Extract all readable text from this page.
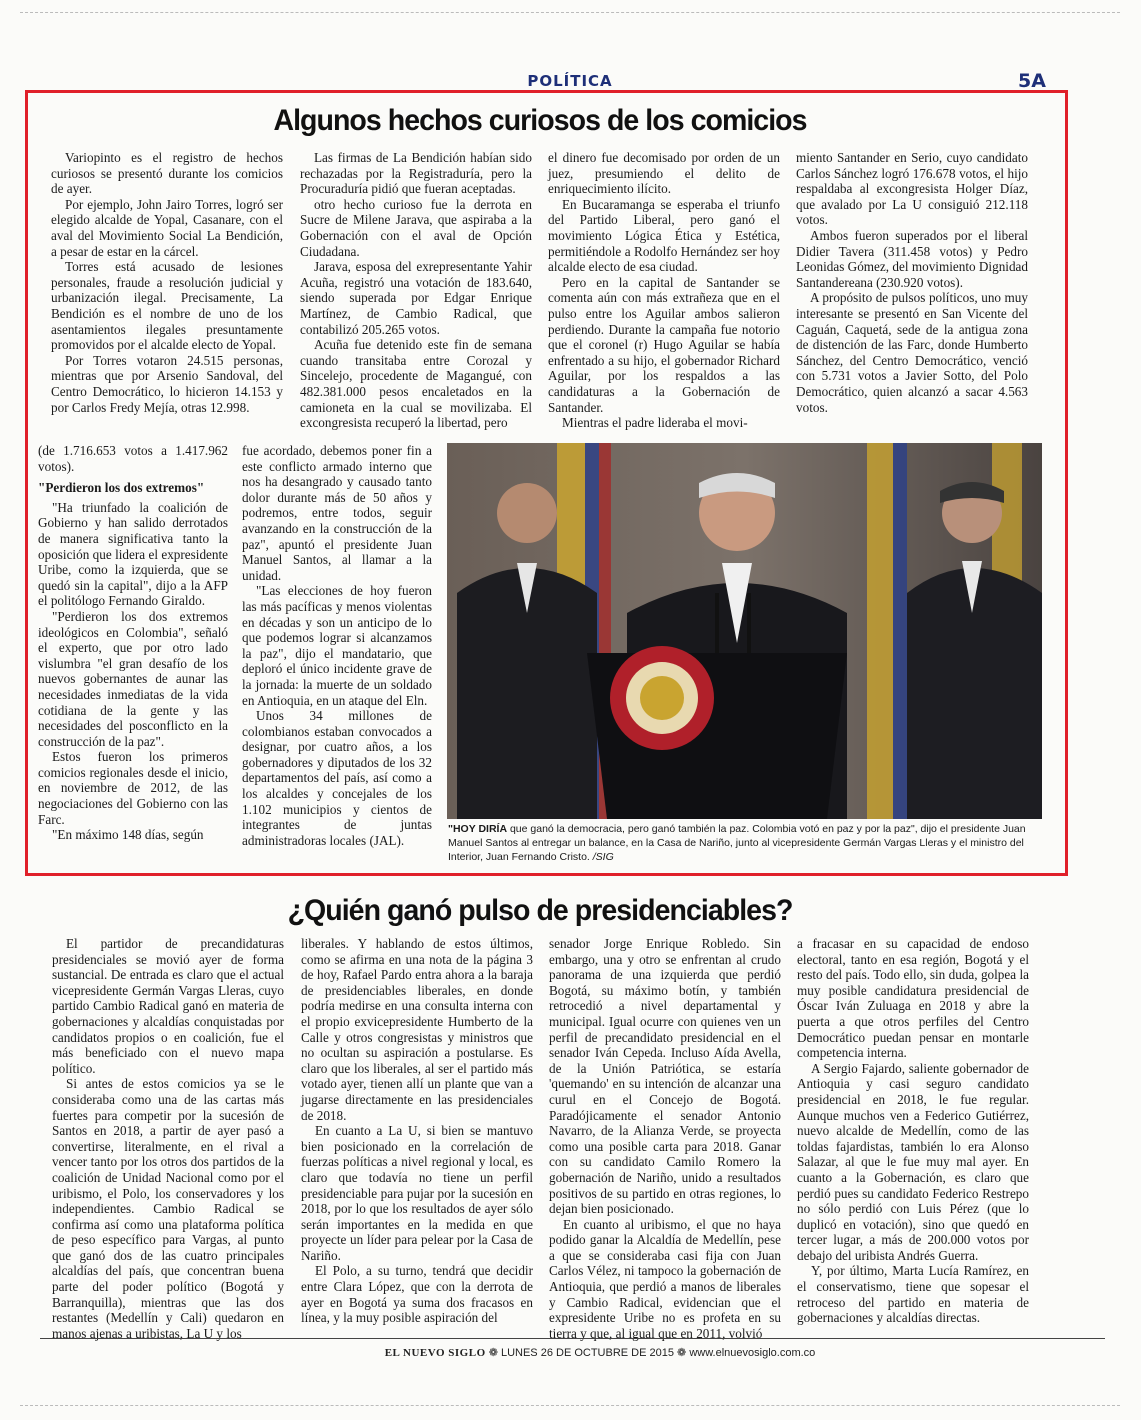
POLÍTICA	5A
Algunos hechos curiosos de los comicios

Variopinto es el registro de hechos curiosos se presentó durante los comicios de ayer.

Por ejemplo, John Jairo Torres, logró ser elegido alcalde de Yopal, Casanare, con el aval del Movimiento Social La Bendición, a pesar de estar en la cárcel.

Torres está acusado de lesiones personales, fraude a resolución judicial y urbanización ilegal. Precisamente, La Bendición es el nombre de uno de los asentamientos ilegales presuntamente promovidos por el alcalde electo de Yopal.

Por Torres votaron 24.515 personas, mientras que por Arsenio Sandoval, del Centro Democrático, lo hicieron 14.153 y por Carlos Fredy Mejía, otras 12.998.

Las firmas de La Bendición habían sido rechazadas por la Registraduría, pero la Procuraduría pidió que fueran aceptadas.

otro hecho curioso fue la derrota en Sucre de Milene Jarava, que aspiraba a la Gobernación con el aval de Opción Ciudadana.

Jarava, esposa del exrepresentante Yahir Acuña, registró una votación de 183.640, siendo superada por Edgar Enrique Martínez, de Cambio Radical, que contabilizó 205.265 votos.

Acuña fue detenido este fin de semana cuando transitaba entre Corozal y Sincelejo, procedente de Magangué, con 482.381.000 pesos encaletados en la camioneta en la cual se movilizaba. El excongresista recuperó la libertad, pero

el dinero fue decomisado por orden de un juez, presumiendo el delito de enriquecimiento ilícito.

En Bucaramanga se esperaba el triunfo del Partido Liberal, pero ganó el movimiento Lógica Ética y Estética, permitiéndole a Rodolfo Hernández ser hoy alcalde electo de esa ciudad.

Pero en la capital de Santander se comenta aún con más extrañeza que en el pulso entre los Aguilar ambos salieron perdiendo. Durante la campaña fue notorio que el coronel (r) Hugo Aguilar se había enfrentado a su hijo, el gobernador Richard Aguilar, por los respaldos a las candidaturas a la Gobernación de Santander.

Mientras el padre lideraba el movi-

miento Santander en Serio, cuyo candidato Carlos Sánchez logró 176.678 votos, el hijo respaldaba al excongresista Holger Díaz, que avalado por La U consiguió 212.118 votos.

Ambos fueron superados por el liberal Didier Tavera (311.458 votos) y Pedro Leonidas Gómez, del movimiento Dignidad Santandereana (230.920 votos).

A propósito de pulsos políticos, uno muy interesante se presentó en San Vicente del Caguán, Caquetá, sede de la antigua zona de distención de las Farc, donde Humberto Sánchez, del Centro Democrático, venció con 5.731 votos a Javier Sotto, del Polo Democrático, quien alcanzó a sacar 4.563 votos.

(de 1.716.653 votos a 1.417.962 votos).

"Perdieron los dos extremos"

"Ha triunfado la coalición de Gobierno y han salido derrotados de manera significativa tanto la oposición que lidera el expresidente Uribe, como la izquierda, que se quedó sin la capital", dijo a la AFP el politólogo Fernando Giraldo.

"Perdieron los dos extremos ideológicos en Colombia", señaló el experto, que por otro lado vislumbra "el gran desafío de los nuevos gobernantes de aunar las necesidades inmediatas de la vida cotidiana de la gente y las necesidades del posconflicto en la construcción de la paz".

Estos fueron los primeros comicios regionales desde el inicio, en noviembre de 2012, de las negociaciones del Gobierno con las Farc.

"En máximo 148 días, según

fue acordado, debemos poner fin a este conflicto armado interno que nos ha desangrado y causado tanto dolor durante más de 50 años y podremos, entre todos, seguir avanzando en la construcción de la paz", apuntó el presidente Juan Manuel Santos, al llamar a la unidad.

"Las elecciones de hoy fueron las más pacíficas y menos violentas en décadas y son un anticipo de lo que podemos lograr si alcanzamos la paz", dijo el mandatario, que deploró el único incidente grave de la jornada: la muerte de un soldado en Antioquia, en un ataque del Eln.

Unos 34 millones de colombianos estaban convocados a designar, por cuatro años, a los gobernadores y diputados de los 32 departamentos del país, así como a los alcaldes y concejales de los 1.102 municipios y cientos de integrantes de juntas administradoras locales (JAL).

"HOY DIRÍA que ganó la democracia, pero ganó también la paz. Colombia votó en paz y por la paz", dijo el presidente Juan Manuel Santos al entregar un balance, en la Casa de Nariño, junto al vicepresidente Germán Vargas Lleras y el ministro del Interior, Juan Fernando Cristo. /SIG
¿Quién ganó pulso de presidenciables?

El partidor de precandidaturas presidenciales se movió ayer de forma sustancial. De entrada es claro que el actual vicepresidente Germán Vargas Lleras, cuyo partido Cambio Radical ganó en materia de gobernaciones y alcaldías conquistadas por candidatos propios o en coalición, fue el más beneficiado con el nuevo mapa político.

Si antes de estos comicios ya se le consideraba como una de las cartas más fuertes para competir por la sucesión de Santos en 2018, a partir de ayer pasó a convertirse, literalmente, en el rival a vencer tanto por los otros dos partidos de la coalición de Unidad Nacional como por el uribismo, el Polo, los conservadores y los independientes. Cambio Radical se confirma así como una plataforma política de peso específico para Vargas, al punto que ganó dos de las cuatro principales alcaldías del país, que concentran buena parte del poder político (Bogotá y Barranquilla), mientras que las dos restantes (Medellín y Cali) quedaron en manos ajenas a uribistas, La U y los

liberales. Y hablando de estos últimos, como se afirma en una nota de la página 3 de hoy, Rafael Pardo entra ahora a la baraja de presidenciables liberales, en donde podría medirse en una consulta interna con el propio exvicepresidente Humberto de la Calle y otros congresistas y ministros que no ocultan su aspiración a postularse. Es claro que los liberales, al ser el partido más votado ayer, tienen allí un plante que van a jugarse directamente en las presidenciales de 2018.

En cuanto a La U, si bien se mantuvo bien posicionado en la correlación de fuerzas políticas a nivel regional y local, es claro que todavía no tiene un perfil presidenciable para pujar por la sucesión en 2018, por lo que los resultados de ayer sólo serán importantes en la medida en que proyecte un líder para pelear por la Casa de Nariño.

El Polo, a su turno, tendrá que decidir entre Clara López, que con la derrota de ayer en Bogotá ya suma dos fracasos en línea, y la muy posible aspiración del

senador Jorge Enrique Robledo. Sin embargo, una y otro se enfrentan al crudo panorama de una izquierda que perdió Bogotá, su máximo botín, y también retrocedió a nivel departamental y municipal. Igual ocurre con quienes ven un perfil de precandidato presidencial en el senador Iván Cepeda. Incluso Aída Avella, de la Unión Patriótica, se estaría 'quemando' en su intención de alcanzar una curul en el Concejo de Bogotá. Paradójicamente el senador Antonio Navarro, de la Alianza Verde, se proyecta como una posible carta para 2018. Ganar con su candidato Camilo Romero la gobernación de Nariño, unido a resultados positivos de su partido en otras regiones, lo dejan bien posicionado.

En cuanto al uribismo, el que no haya podido ganar la Alcaldía de Medellín, pese a que se consideraba casi fija con Juan Carlos Vélez, ni tampoco la gobernación de Antioquia, que perdió a manos de liberales y Cambio Radical, evidencian que el expresidente Uribe no es profeta en su tierra y que, al igual que en 2011, volvió

a fracasar en su capacidad de endoso electoral, tanto en esa región, Bogotá y el resto del país. Todo ello, sin duda, golpea la muy posible candidatura presidencial de Óscar Iván Zuluaga en 2018 y abre la puerta a que otros perfiles del Centro Democrático puedan pensar en montarle competencia interna.

A Sergio Fajardo, saliente gobernador de Antioquia y casi seguro candidato presidencial en 2018, le fue regular. Aunque muchos ven a Federico Gutiérrez, nuevo alcalde de Medellín, como de las toldas fajardistas, también lo era Alonso Salazar, al que le fue muy mal ayer. En cuanto a la Gobernación, es claro que perdió pues su candidato Federico Restrepo no sólo perdió con Luis Pérez (que lo duplicó en votación), sino que quedó en tercer lugar, a más de 200.000 votos por debajo del uribista Andrés Guerra.

Y, por último, Marta Lucía Ramírez, en el conservatismo, tiene que sopesar el retroceso del partido en materia de gobernaciones y alcaldías directas.

EL NUEVO SIGLO ❁ LUNES 26 DE OCTUBRE DE 2015 ❁ www.elnuevosiglo.com.co
